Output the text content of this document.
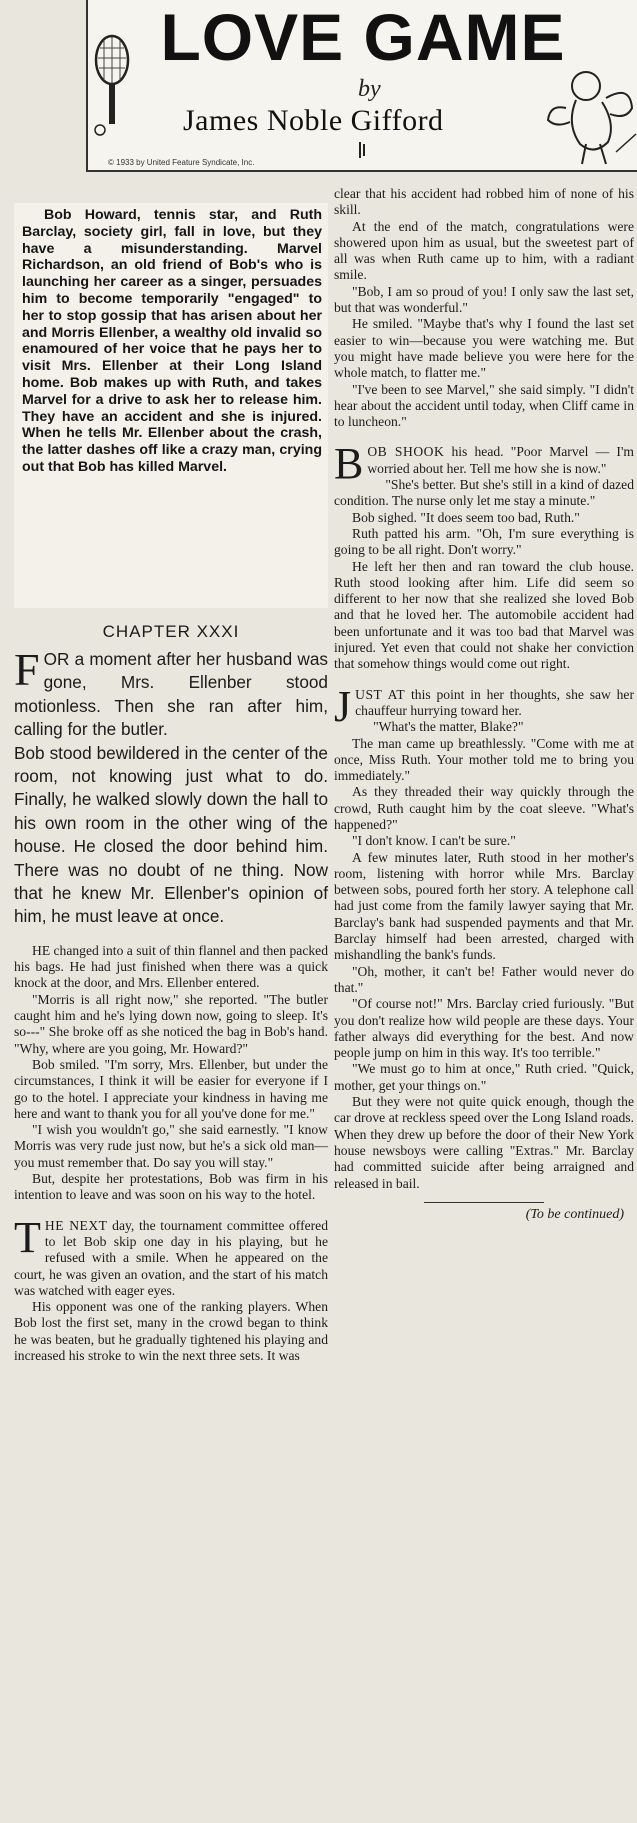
LOVE GAME
by
James Noble Gifford
© 1933 by United Feature Syndicate, Inc.

Bob Howard, tennis star, and Ruth Barclay, society girl, fall in love, but they have a misunderstanding. Marvel Richardson, an old friend of Bob's who is launching her career as a singer, persuades him to become temporarily "engaged" to her to stop gossip that has arisen about her and Morris Ellenber, a wealthy old invalid so enamoured of her voice that he pays her to visit Mrs. Ellenber at their Long Island home. Bob makes up with Ruth, and takes Marvel for a drive to ask her to release him. They have an accident and she is injured. When he tells Mr. Ellenber about the crash, the latter dashes off like a crazy man, crying out that Bob has killed Marvel.

CHAPTER XXXI

FOR a moment after her husband was gone, Mrs. Ellenber stood motionless. Then she ran after him, calling for the butler.

Bob stood bewildered in the center of the room, not knowing just what to do. Finally, he walked slowly down the hall to his own room in the other wing of the house. He closed the door behind him. There was no doubt of ne thing. Now that he knew Mr. Ellenber's opinion of him, he must leave at once.

HE changed into a suit of thin flannel and then packed his bags. He had just finished when there was a quick knock at the door, and Mrs. Ellenber entered.

"Morris is all right now," she reported. "The butler caught him and he's lying down now, going to sleep. It's so---" She broke off as she noticed the bag in Bob's hand. "Why, where are you going, Mr. Howard?"

Bob smiled. "I'm sorry, Mrs. Ellenber, but under the circumstances, I think it will be easier for everyone if I go to the hotel. I appreciate your kindness in having me here and want to thank you for all you've done for me."

"I wish you wouldn't go," she said earnestly. "I know Morris was very rude just now, but he's a sick old man—you must remember that. Do say you will stay."

But, despite her protestations, Bob was firm in his intention to leave and was soon on his way to the hotel.

THE NEXT day, the tournament committee offered to let Bob skip one day in his playing, but he refused with a smile. When he appeared on the court, he was given an ovation, and the start of his match was watched with eager eyes.

His opponent was one of the ranking players. When Bob lost the first set, many in the crowd began to think he was beaten, but he gradually tightened his playing and increased his stroke to win the next three sets. It was

clear that his accident had robbed him of none of his skill.

At the end of the match, congratulations were showered upon him as usual, but the sweetest part of all was when Ruth came up to him, with a radiant smile.

"Bob, I am so proud of you! I only saw the last set, but that was wonderful."

He smiled. "Maybe that's why I found the last set easier to win—because you were watching me. But you might have made believe you were here for the whole match, to flatter me."

"I've been to see Marvel," she said simply. "I didn't hear about the accident until today, when Cliff came in to luncheon."

BOB SHOOK his head. "Poor Marvel — I'm worried about her. Tell me how she is now."

"She's better. But she's still in a kind of dazed condition. The nurse only let me stay a minute."

Bob sighed. "It does seem too bad, Ruth."

Ruth patted his arm. "Oh, I'm sure everything is going to be all right. Don't worry."

He left her then and ran toward the club house. Ruth stood looking after him. Life did seem so different to her now that she realized she loved Bob and that he loved her. The automobile accident had been unfortunate and it was too bad that Marvel was injured. Yet even that could not shake her conviction that somehow things would come out right.

JUST AT this point in her thoughts, she saw her chauffeur hurrying toward her.

"What's the matter, Blake?"

The man came up breathlessly. "Come with me at once, Miss Ruth. Your mother told me to bring you immediately."

As they threaded their way quickly through the crowd, Ruth caught him by the coat sleeve. "What's happened?"

"I don't know. I can't be sure."

A few minutes later, Ruth stood in her mother's room, listening with horror while Mrs. Barclay between sobs, poured forth her story. A telephone call had just come from the family lawyer saying that Mr. Barclay's bank had suspended payments and that Mr. Barclay himself had been arrested, charged with mishandling the bank's funds.

"Oh, mother, it can't be! Father would never do that."

"Of course not!" Mrs. Barclay cried furiously. "But you don't realize how wild people are these days. Your father always did everything for the best. And now people jump on him in this way. It's too terrible."

"We must go to him at once," Ruth cried. "Quick, mother, get your things on."

But they were not quite quick enough, though the car drove at reckless speed over the Long Island roads. When they drew up before the door of their New York house newsboys were calling "Extras." Mr. Barclay had committed suicide after being arraigned and released in bail.

(To be continued)
